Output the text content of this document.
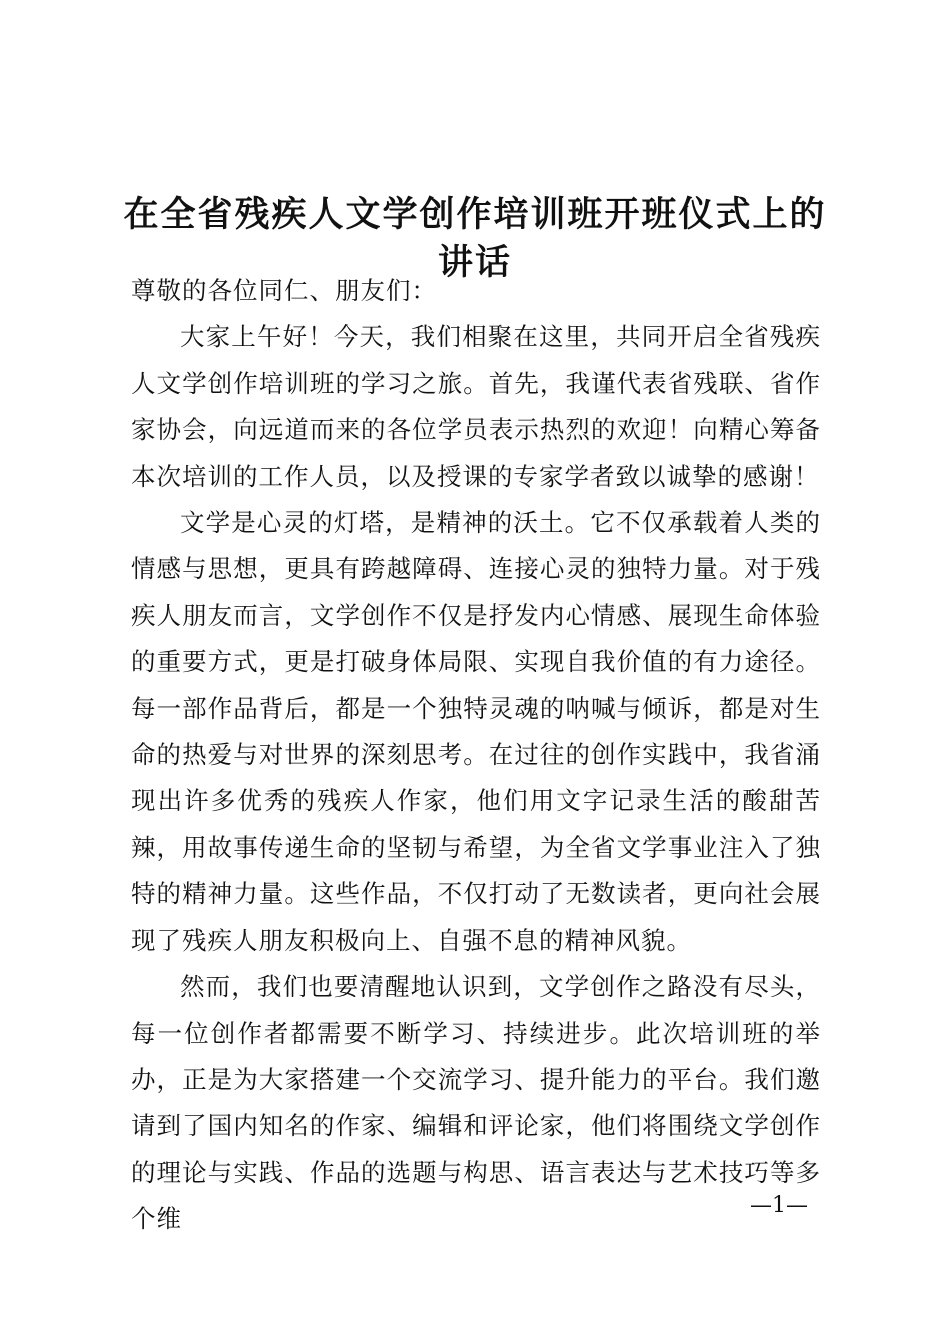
在全省残疾人文学创作培训班开班仪式上的讲话

尊敬的各位同仁、朋友们：

大家上午好！今天，我们相聚在这里，共同开启全省残疾人文学创作培训班的学习之旅。首先，我谨代表省残联、省作家协会，向远道而来的各位学员表示热烈的欢迎！向精心筹备本次培训的工作人员，以及授课的专家学者致以诚挚的感谢！

文学是心灵的灯塔，是精神的沃土。它不仅承载着人类的情感与思想，更具有跨越障碍、连接心灵的独特力量。对于残疾人朋友而言，文学创作不仅是抒发内心情感、展现生命体验的重要方式，更是打破身体局限、实现自我价值的有力途径。每一部作品背后，都是一个独特灵魂的呐喊与倾诉，都是对生命的热爱与对世界的深刻思考。在过往的创作实践中，我省涌现出许多优秀的残疾人作家，他们用文字记录生活的酸甜苦辣，用故事传递生命的坚韧与希望，为全省文学事业注入了独特的精神力量。这些作品，不仅打动了无数读者，更向社会展现了残疾人朋友积极向上、自强不息的精神风貌。

然而，我们也要清醒地认识到，文学创作之路没有尽头，每一位创作者都需要不断学习、持续进步。此次培训班的举办，正是为大家搭建一个交流学习、提升能力的平台。我们邀请到了国内知名的作家、编辑和评论家，他们将围绕文学创作的理论与实践、作品的选题与构思、语言表达与艺术技巧等多个维	—1—
